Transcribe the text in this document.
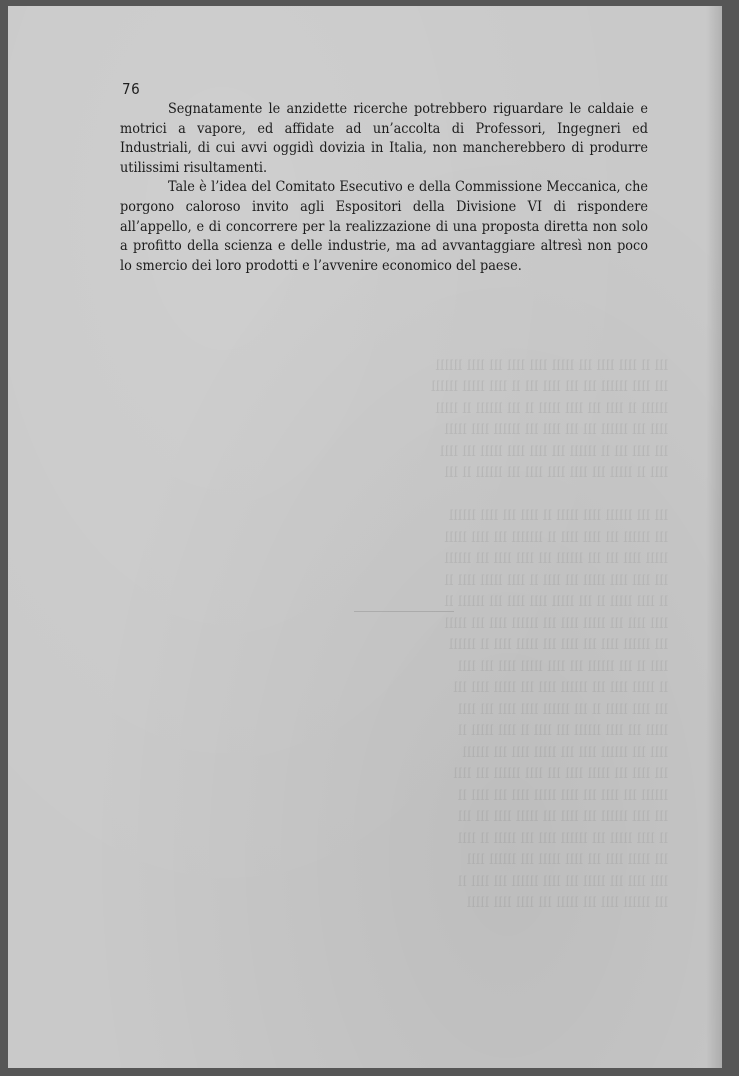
lll ll llll llll lll lllll llll llll lll llll llllll
lll llll llllll lll lll llll lll ll llll lllll llllll
llllll ll llll lll llll lllll ll lll llllll ll lllll
llll lll llllll lll lll llll lll llllll llll lllll
lll llll lll ll llllll lll llll llll lllll lll llll
llll ll lllll lll llll llll llll lll llllll ll lll

lll lll llllll llll lllll ll llll lll llll llllll
lll llllll lll llll llll ll lllllll lll llll lllll
lllll llll lll lll llllll lll llll llll lll llllll
lll llll llll lllll lll llll ll llll lllll llll ll
ll llll lllll ll lll lllll llll llll lll llllll ll
llll llll lll lllll llll lll llllll llll lll lllll
lll llllll llll lll llll lll lllll llll ll llllll
llll ll lll llllll lll llll lllll llll lll llll
ll lllll llll lll llllll llll lll lllll llll lll
lll llll lllll ll lll llllll llll llll lll llll
lllll lll llll llllll lll llll ll llll lllll ll
llll lll llllll llll lll lllll llll lll llllll
lll llll lll lllll llll lll llll llllll lll llll
llllll lll llll lll llll lllll llll lll llll ll
lll llll llllll lll llll lll lllll llll lll lll
ll llll lllll lll llllll llll lll lllll ll llll
lll lllll llll lll llll lllll lll llllll llll
llll llll lll lllll lll llll llllll lll llll ll
lll llllll llll lll lllll lll llll llll lllll

76

Segnatamente le anzidette ricerche potrebbero riguardare le caldaie e motrici a vapore, ed affidate ad un’accolta di Professori, Ingegneri ed Industriali, di cui avvi oggidì dovizia in Italia, non mancherebbero di produrre utilissimi risultamenti.

Tale è l’idea del Comitato Esecutivo e della Commissione Meccanica, che porgono caloroso invito agli Espositori della Divisione VI di rispondere all’appello, e di concorrere per la realizzazione di una proposta diretta non solo a profitto della scienza e delle industrie, ma ad avvantaggiare altresì non poco lo smercio dei loro prodotti e l’avvenire economico del paese.
